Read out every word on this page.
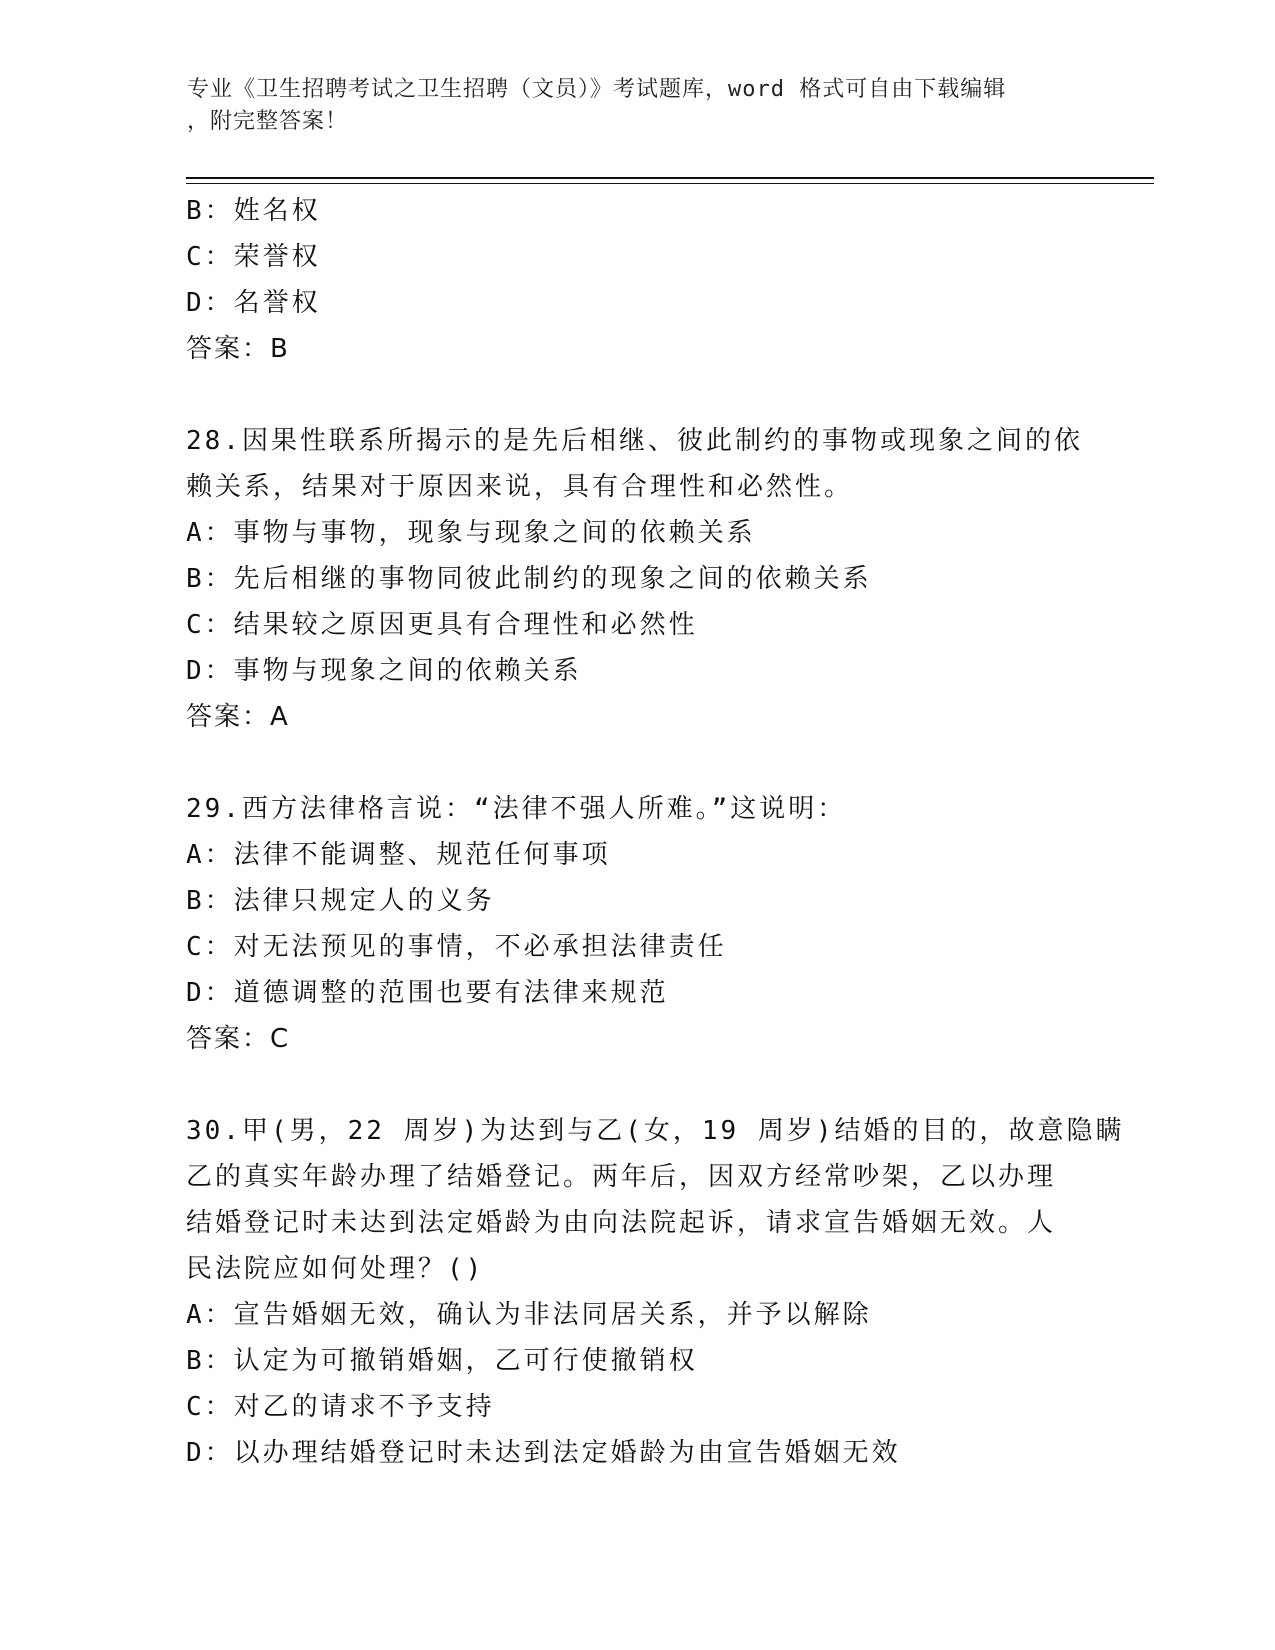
专业《卫生招聘考试之卫生招聘（文员）》考试题库，word 格式可自由下载编辑
，附完整答案！
B：姓名权
C：荣誉权
D：名誉权
答案：B
28.因果性联系所揭示的是先后相继、彼此制约的事物或现象之间的依
赖关系，结果对于原因来说，具有合理性和必然性。
A：事物与事物，现象与现象之间的依赖关系
B：先后相继的事物同彼此制约的现象之间的依赖关系
C：结果较之原因更具有合理性和必然性
D：事物与现象之间的依赖关系
答案：A
29.西方法律格言说：“法律不强人所难。”这说明：
A：法律不能调整、规范任何事项
B：法律只规定人的义务
C：对无法预见的事情，不必承担法律责任
D：道德调整的范围也要有法律来规范
答案：C
30.甲(男，22 周岁)为达到与乙(女，19 周岁)结婚的目的，故意隐瞒
乙的真实年龄办理了结婚登记。两年后，因双方经常吵架，乙以办理
结婚登记时未达到法定婚龄为由向法院起诉，请求宣告婚姻无效。人
民法院应如何处理？()
A：宣告婚姻无效，确认为非法同居关系，并予以解除
B：认定为可撤销婚姻，乙可行使撤销权
C：对乙的请求不予支持
D：以办理结婚登记时未达到法定婚龄为由宣告婚姻无效
